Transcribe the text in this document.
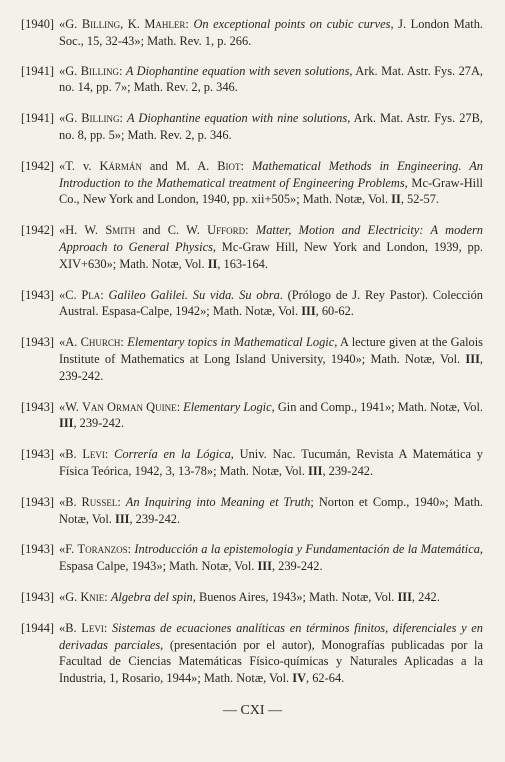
[1940] «G. Billing, K. Mahler: On exceptional points on cubic curves, J. London Math. Soc., 15, 32-43»; Math. Rev. 1, p. 266.
[1941] «G. Billing: A Diophantine equation with seven solutions, Ark. Mat. Astr. Fys. 27A, no. 14, pp. 7»; Math. Rev. 2, p. 346.
[1941] «G. Billing: A Diophantine equation with nine solutions, Ark. Mat. Astr. Fys. 27B, no. 8, pp. 5»; Math. Rev. 2, p. 346.
[1942] «T. v. Kármán and M. A. Biot: Mathematical Methods in Engineering. An Introduction to the Mathematical treatment of Engineering Problems, Mc-Graw-Hill Co., New York and London, 1940, pp. xii+505»; Math. Notæ, Vol. II, 52-57.
[1942] «H. W. Smith and C. W. Ufford: Matter, Motion and Electricity: A modern Approach to General Physics, Mc-Graw Hill, New York and London, 1939, pp. XIV+630»; Math. Notæ, Vol. II, 163-164.
[1943] «C. Pla: Galileo Galilei. Su vida. Su obra. (Prólogo de J. Rey Pastor). Colección Austral. Espasa-Calpe, 1942»; Math. Notæ, Vol. III, 60-62.
[1943] «A. Church: Elementary topics in Mathematical Logic, A lecture given at the Galois Institute of Mathematics at Long Island University, 1940»; Math. Notæ, Vol. III, 239-242.
[1943] «W. Van Orman Quine: Elementary Logic, Gin and Comp., 1941»; Math. Notæ, Vol. III, 239-242.
[1943] «B. Levi: Correría en la Lógica, Univ. Nac. Tucumán, Revista A Matemática y Física Teórica, 1942, 3, 13-78»; Math. Notæ, Vol. III, 239-242.
[1943] «B. Russel: An Inquiring into Meaning et Truth; Norton et Comp., 1940»; Math. Notæ, Vol. III, 239-242.
[1943] «F. Toranzos: Introducción a la epistemologia y Fundamentación de la Matemática, Espasa Calpe, 1943»; Math. Notæ, Vol. III, 239-242.
[1943] «G. Knie: Algebra del spin, Buenos Aires, 1943»; Math. Notæ, Vol. III, 242.
[1944] «B. Levi: Sistemas de ecuaciones analíticas en términos finitos, diferenciales y en derivadas parciales, (presentación por el autor), Monografías publicadas por la Facultad de Ciencias Matemáticas Físico-químicas y Naturales Aplicadas a la Industria, 1, Rosario, 1944»; Math. Notæ, Vol. IV, 62-64.
— CXI —
